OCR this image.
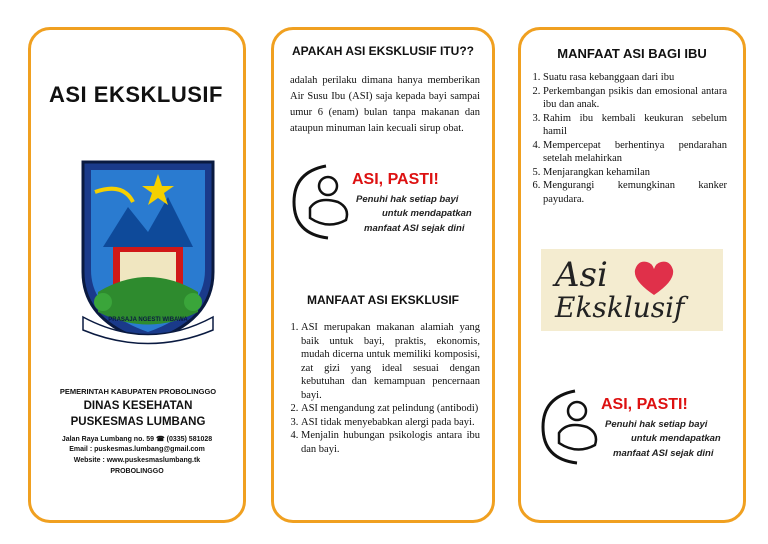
ASI EKSKLUSIF
PRASAJA NGESTI WIBAWA
PEMERINTAH KABUPATEN PROBOLINGGO
DINAS KESEHATAN
PUSKESMAS LUMBANG
Jalan Raya Lumbang no. 59 ☎ (0335) 581028
Email : puskesmas.lumbang@gmail.com
Website : www.puskesmaslumbang.tk
PROBOLINGGO
APAKAH ASI EKSKLUSIF ITU??
adalah perilaku dimana hanya memberikan Air Susu Ibu (ASI) saja kepada bayi sampai umur 6 (enam) bulan tanpa makanan dan ataupun minuman lain kecuali sirup obat.
ASI, PASTI!
Penuhi hak setiap bayi
untuk mendapatkan
manfaat ASI sejak dini
MANFAAT ASI EKSKLUSIF
1. ASI merupakan makanan alamiah yang baik untuk bayi, praktis, ekonomis, mudah dicerna untuk memiliki komposisi, zat gizi yang ideal sesuai dengan kebutuhan dan kemampuan pencernaan bayi.
2. ASI mengandung zat pelindung (antibodi)
3. ASI tidak menyebabkan alergi pada bayi.
4. Menjalin hubungan psikologis antara ibu dan bayi.
MANFAAT ASI BAGI IBU
1. Suatu rasa kebanggaan dari ibu
2. Perkembangan psikis dan emosional antara ibu dan anak.
3. Rahim ibu kembali keukuran sebelum hamil
4. Mempercepat berhentinya pendarahan setelah melahirkan
5. Menjarangkan kehamilan
6. Mengurangi kemungkinan kanker payudara.
Asi
Eksklusif
ASI, PASTI!
Penuhi hak setiap bayi
untuk mendapatkan
manfaat ASI sejak dini
